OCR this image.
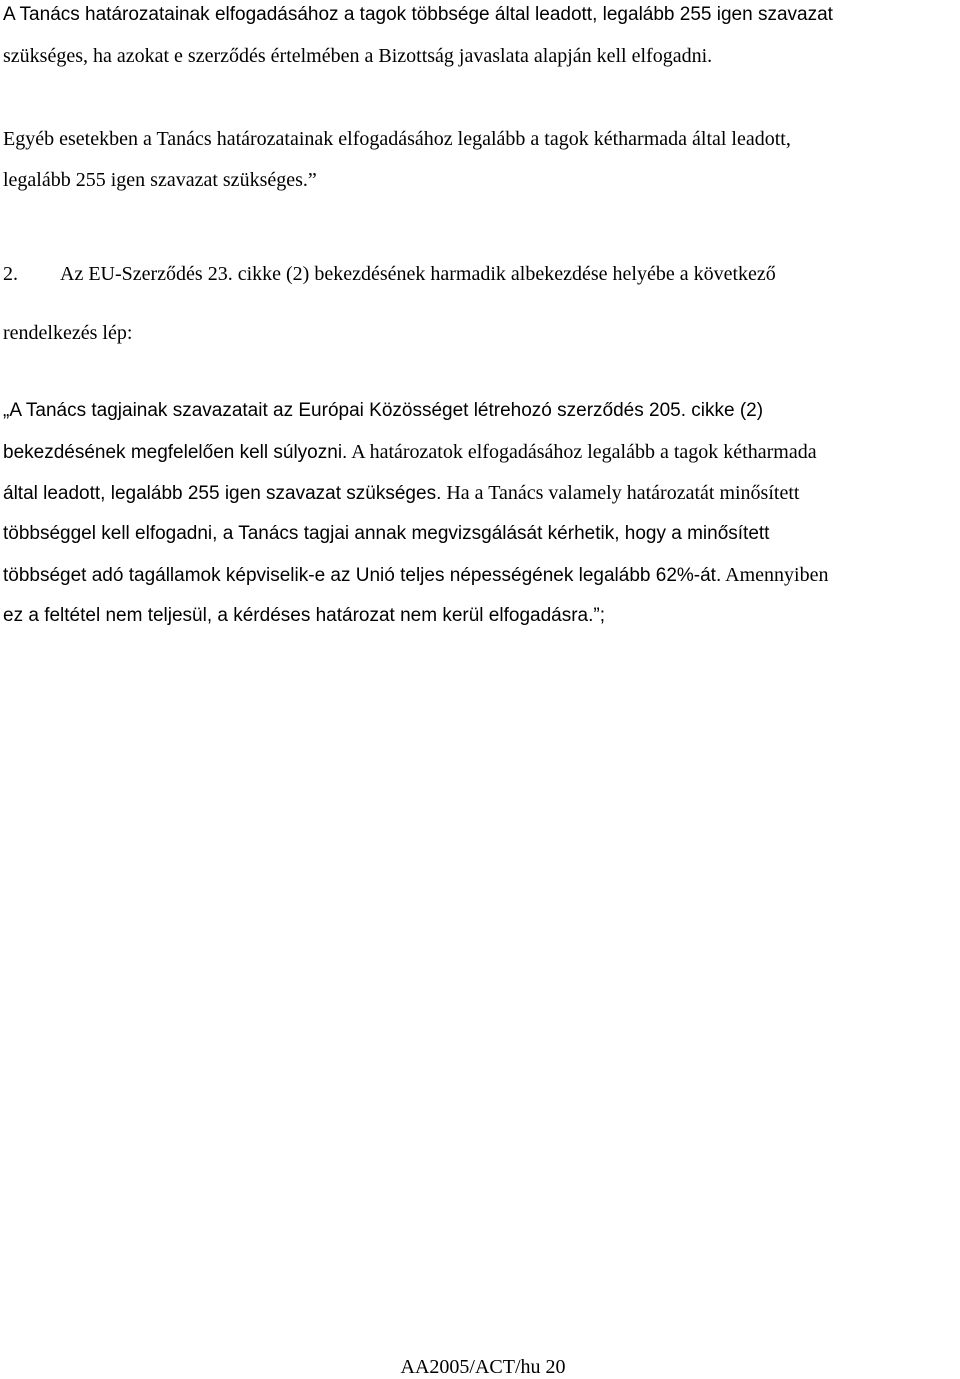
A Tanács határozatainak elfogadásához a tagok többsége által leadott, legalább 255 igen szavazat
szükséges, ha azokat e szerződés értelmében a Bizottság javaslata alapján kell elfogadni.
Egyéb esetekben a Tanács határozatainak elfogadásához legalább a tagok kétharmada által leadott,
legalább 255 igen szavazat szükséges.”
2. Az EU-Szerződés 23. cikke (2) bekezdésének harmadik albekezdése helyébe a következő
rendelkezés lép:
„A Tanács tagjainak szavazatait az Európai Közösséget létrehozó szerződés 205. cikke (2)
bekezdésének megfelelően kell súlyozni. A határozatok elfogadásához legalább a tagok kétharmada
által leadott, legalább 255 igen szavazat szükséges. Ha a Tanács valamely határozatát minősített
többséggel kell elfogadni, a Tanács tagjai annak megvizsgálását kérhetik, hogy a minősített
többséget adó tagállamok képviselik-e az Unió teljes népességének legalább 62%-át. Amennyiben
ez a feltétel nem teljesül, a kérdéses határozat nem kerül elfogadásra.”;
AA2005/ACT/hu 20
